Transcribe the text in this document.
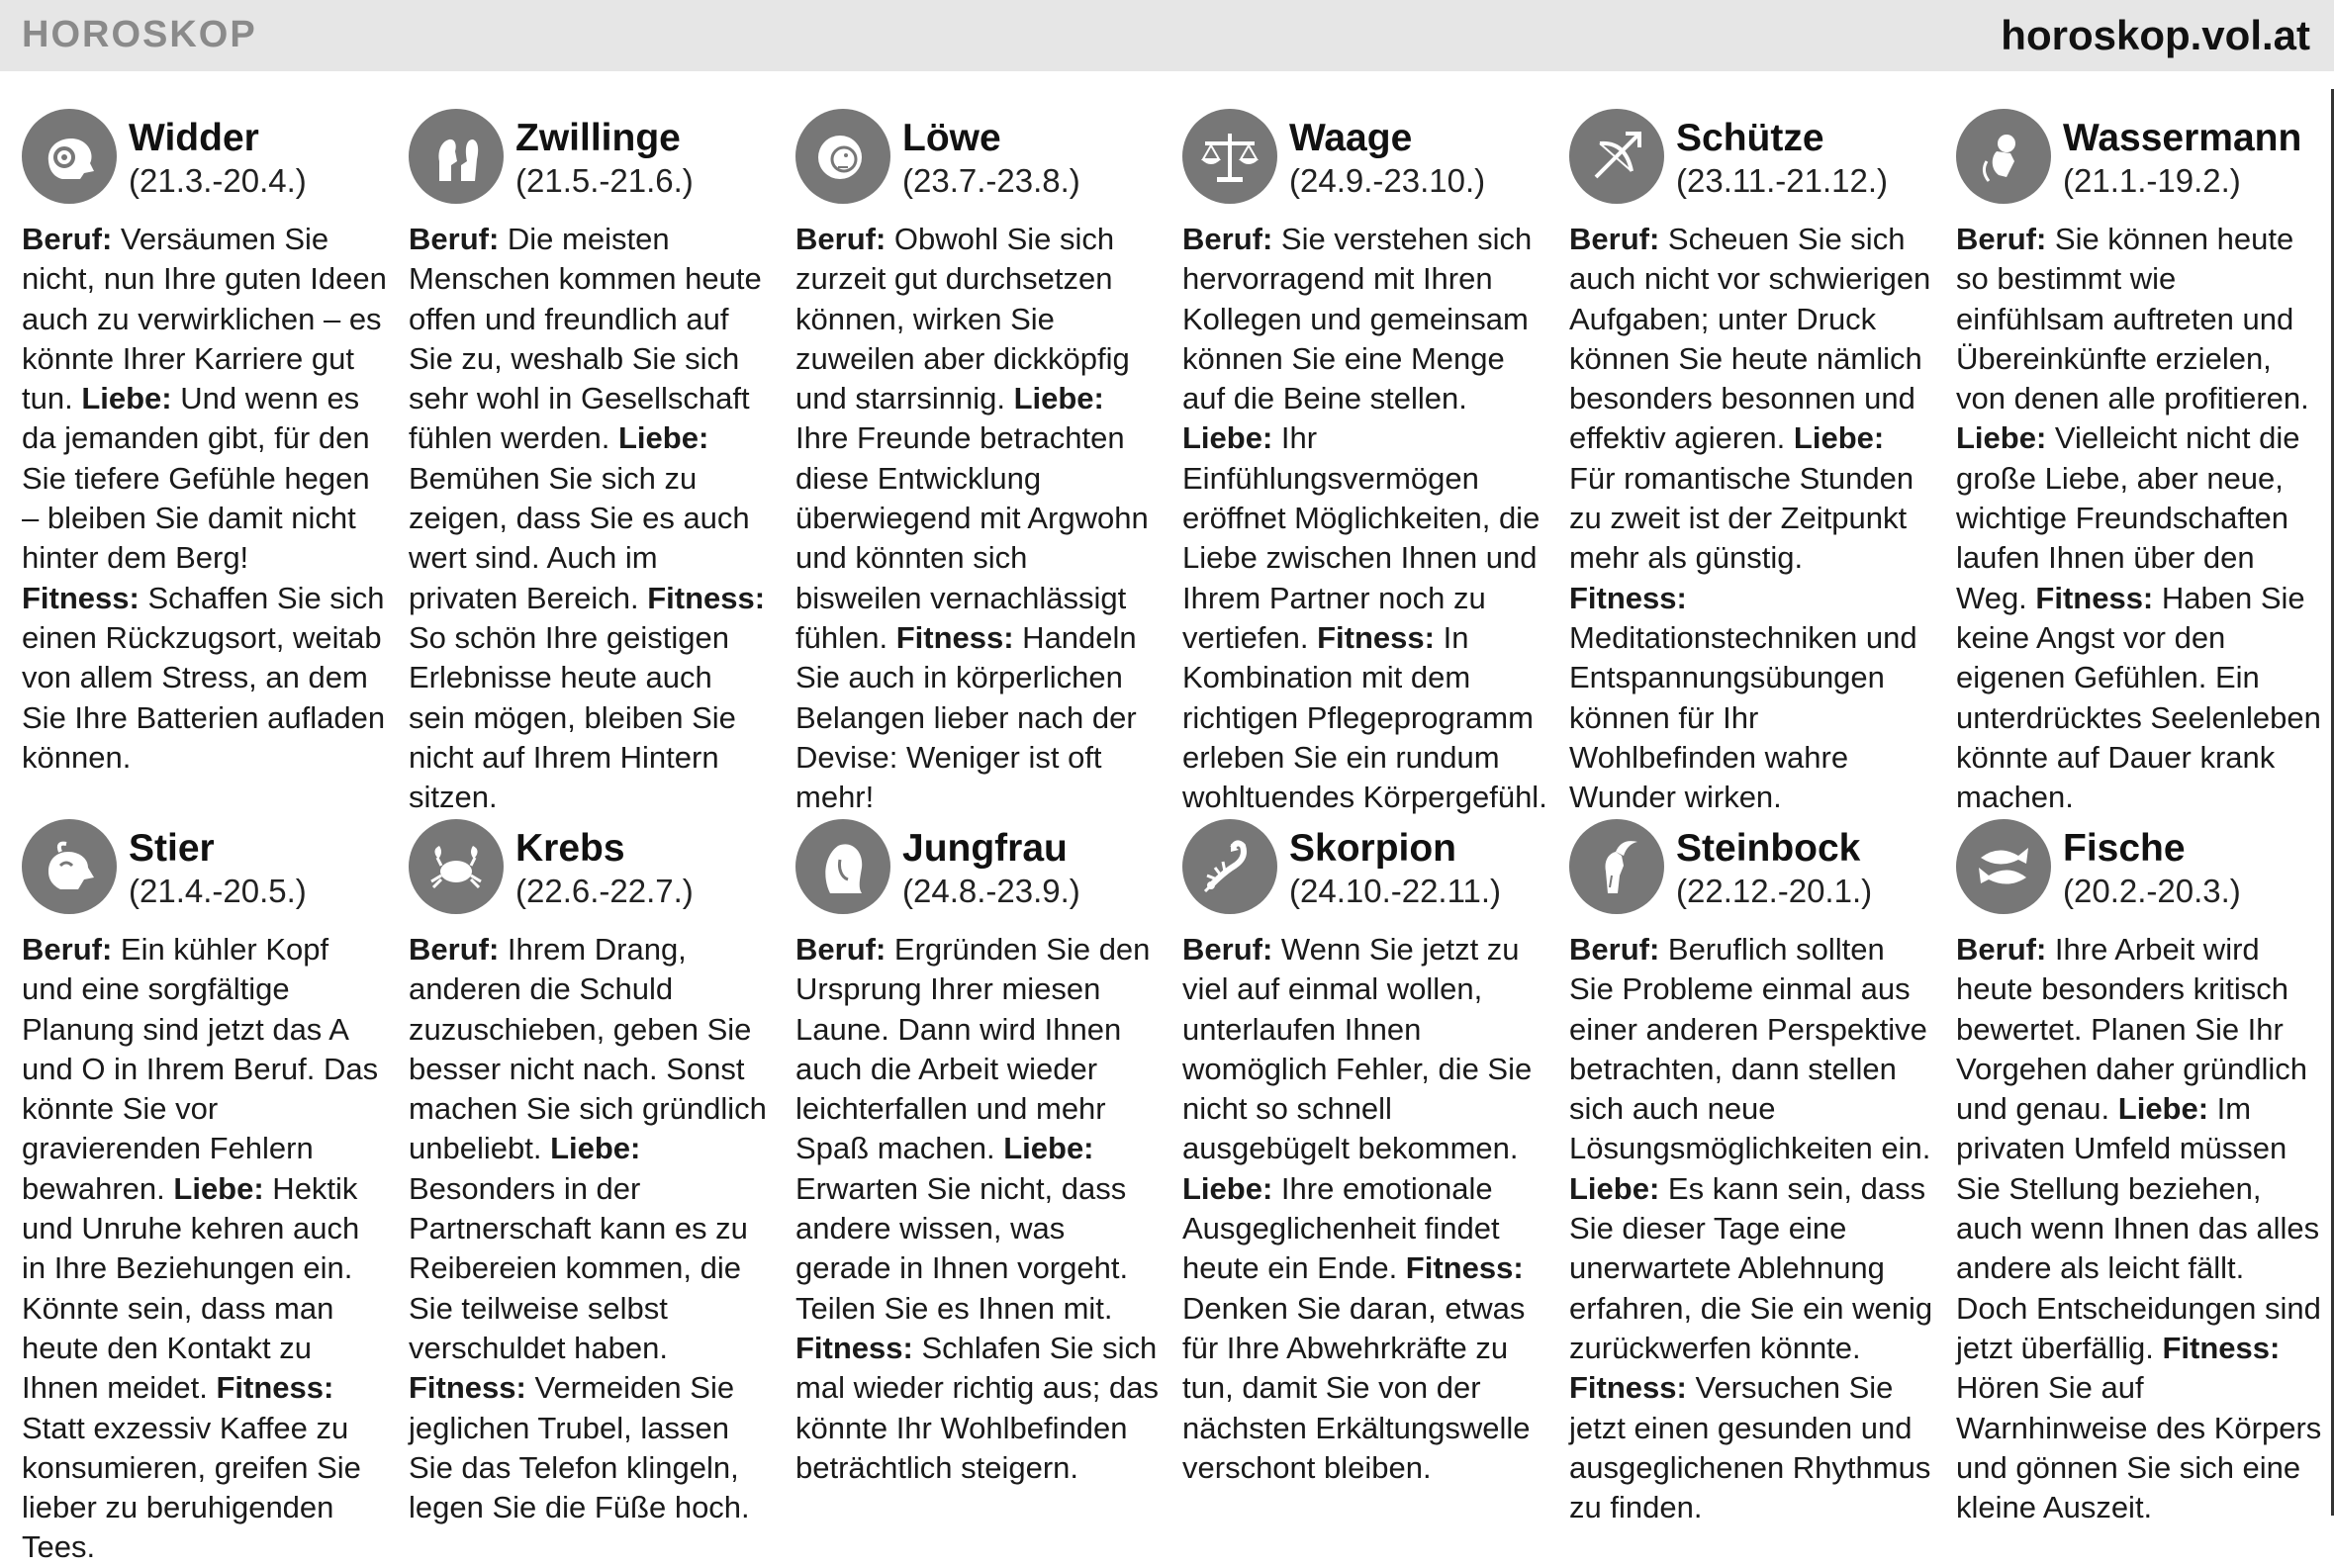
HOROSKOP	horoskop.vol.at
Widder
(21.3.-20.4.)
Beruf: Versäumen Sie nicht, nun Ihre guten Ideen auch zu verwirklichen – es könnte Ihrer Karriere gut tun. Liebe: Und wenn es da jemanden gibt, für den Sie tiefere Gefühle hegen – bleiben Sie damit nicht hinter dem Berg!
Fitness: Schaffen Sie sich einen Rückzugsort, weitab von allem Stress, an dem Sie Ihre Batterien aufladen können.
Zwillinge
(21.5.-21.6.)
Beruf: Die meisten Menschen kommen heute offen und freundlich auf Sie zu, weshalb Sie sich sehr wohl in Gesellschaft fühlen werden. Liebe: Bemühen Sie sich zu zeigen, dass Sie es auch wert sind. Auch im privaten Bereich. Fitness: So schön Ihre geistigen Erlebnisse heute auch sein mögen, bleiben Sie nicht auf Ihrem Hintern sitzen.
Löwe
(23.7.-23.8.)
Beruf: Obwohl Sie sich zurzeit gut durchsetzen können, wirken Sie zuweilen aber dickköpfig und starrsinnig. Liebe: Ihre Freunde betrachten diese Entwicklung überwiegend mit Argwohn und könnten sich bisweilen vernachlässigt fühlen. Fitness: Handeln Sie auch in körperlichen Belangen lieber nach der Devise: Weniger ist oft mehr!
Waage
(24.9.-23.10.)
Beruf: Sie verstehen sich hervorragend mit Ihren Kollegen und gemeinsam können Sie eine Menge auf die Beine stellen. Liebe: Ihr Einfühlungsvermögen eröffnet Möglichkeiten, die Liebe zwischen Ihnen und Ihrem Partner noch zu vertiefen. Fitness: In Kombination mit dem richtigen Pflegeprogramm erleben Sie ein rundum wohltuendes Körpergefühl.
Schütze
(23.11.-21.12.)
Beruf: Scheuen Sie sich auch nicht vor schwierigen Aufgaben; unter Druck können Sie heute nämlich besonders besonnen und effektiv agieren. Liebe: Für romantische Stunden zu zweit ist der Zeitpunkt mehr als günstig.
Fitness: Meditationstechniken und Entspannungsübungen können für Ihr Wohlbefinden wahre Wunder wirken.
Wassermann
(21.1.-19.2.)
Beruf: Sie können heute so bestimmt wie einfühlsam auftreten und Übereinkünfte erzielen, von denen alle profitieren. Liebe: Vielleicht nicht die große Liebe, aber neue, wichtige Freundschaften laufen Ihnen über den Weg. Fitness: Haben Sie keine Angst vor den eigenen Gefühlen. Ein unterdrücktes Seelenleben könnte auf Dauer krank machen.
Stier
(21.4.-20.5.)
Beruf: Ein kühler Kopf und eine sorgfältige Planung sind jetzt das A und O in Ihrem Beruf. Das könnte Sie vor gravierenden Fehlern bewahren. Liebe: Hektik und Unruhe kehren auch in Ihre Beziehungen ein. Könnte sein, dass man heute den Kontakt zu Ihnen meidet. Fitness: Statt exzessiv Kaffee zu konsumieren, greifen Sie lieber zu beruhigenden Tees.
Krebs
(22.6.-22.7.)
Beruf: Ihrem Drang, anderen die Schuld zuzuschieben, geben Sie besser nicht nach. Sonst machen Sie sich gründlich unbeliebt. Liebe: Besonders in der Partnerschaft kann es zu Reibereien kommen, die Sie teilweise selbst verschuldet haben.
Fitness: Vermeiden Sie jeglichen Trubel, lassen Sie das Telefon klingeln, legen Sie die Füße hoch.
Jungfrau
(24.8.-23.9.)
Beruf: Ergründen Sie den Ursprung Ihrer miesen Laune. Dann wird Ihnen auch die Arbeit wieder leichterfallen und mehr Spaß machen. Liebe: Erwarten Sie nicht, dass andere wissen, was gerade in Ihnen vorgeht. Teilen Sie es Ihnen mit. Fitness: Schlafen Sie sich mal wieder richtig aus; das könnte Ihr Wohlbefinden beträchtlich steigern.
Skorpion
(24.10.-22.11.)
Beruf: Wenn Sie jetzt zu viel auf einmal wollen, unterlaufen Ihnen womöglich Fehler, die Sie nicht so schnell ausgebügelt bekommen.
Liebe: Ihre emotionale Ausgeglichenheit findet heute ein Ende. Fitness: Denken Sie daran, etwas für Ihre Abwehrkräfte zu tun, damit Sie von der nächsten Erkältungswelle verschont bleiben.
Steinbock
(22.12.-20.1.)
Beruf: Beruflich sollten Sie Probleme einmal aus einer anderen Perspektive betrachten, dann stellen sich auch neue Lösungsmöglichkeiten ein. Liebe: Es kann sein, dass Sie dieser Tage eine unerwartete Ablehnung erfahren, die Sie ein wenig zurückwerfen könnte. Fitness: Versuchen Sie jetzt einen gesunden und ausgeglichenen Rhythmus zu finden.
Fische
(20.2.-20.3.)
Beruf: Ihre Arbeit wird heute besonders kritisch bewertet. Planen Sie Ihr Vorgehen daher gründlich und genau. Liebe: Im privaten Umfeld müssen Sie Stellung beziehen, auch wenn Ihnen das alles andere als leicht fällt. Doch Entscheidungen sind jetzt überfällig. Fitness: Hören Sie auf Warnhinweise des Körpers und gönnen Sie sich eine kleine Auszeit.
